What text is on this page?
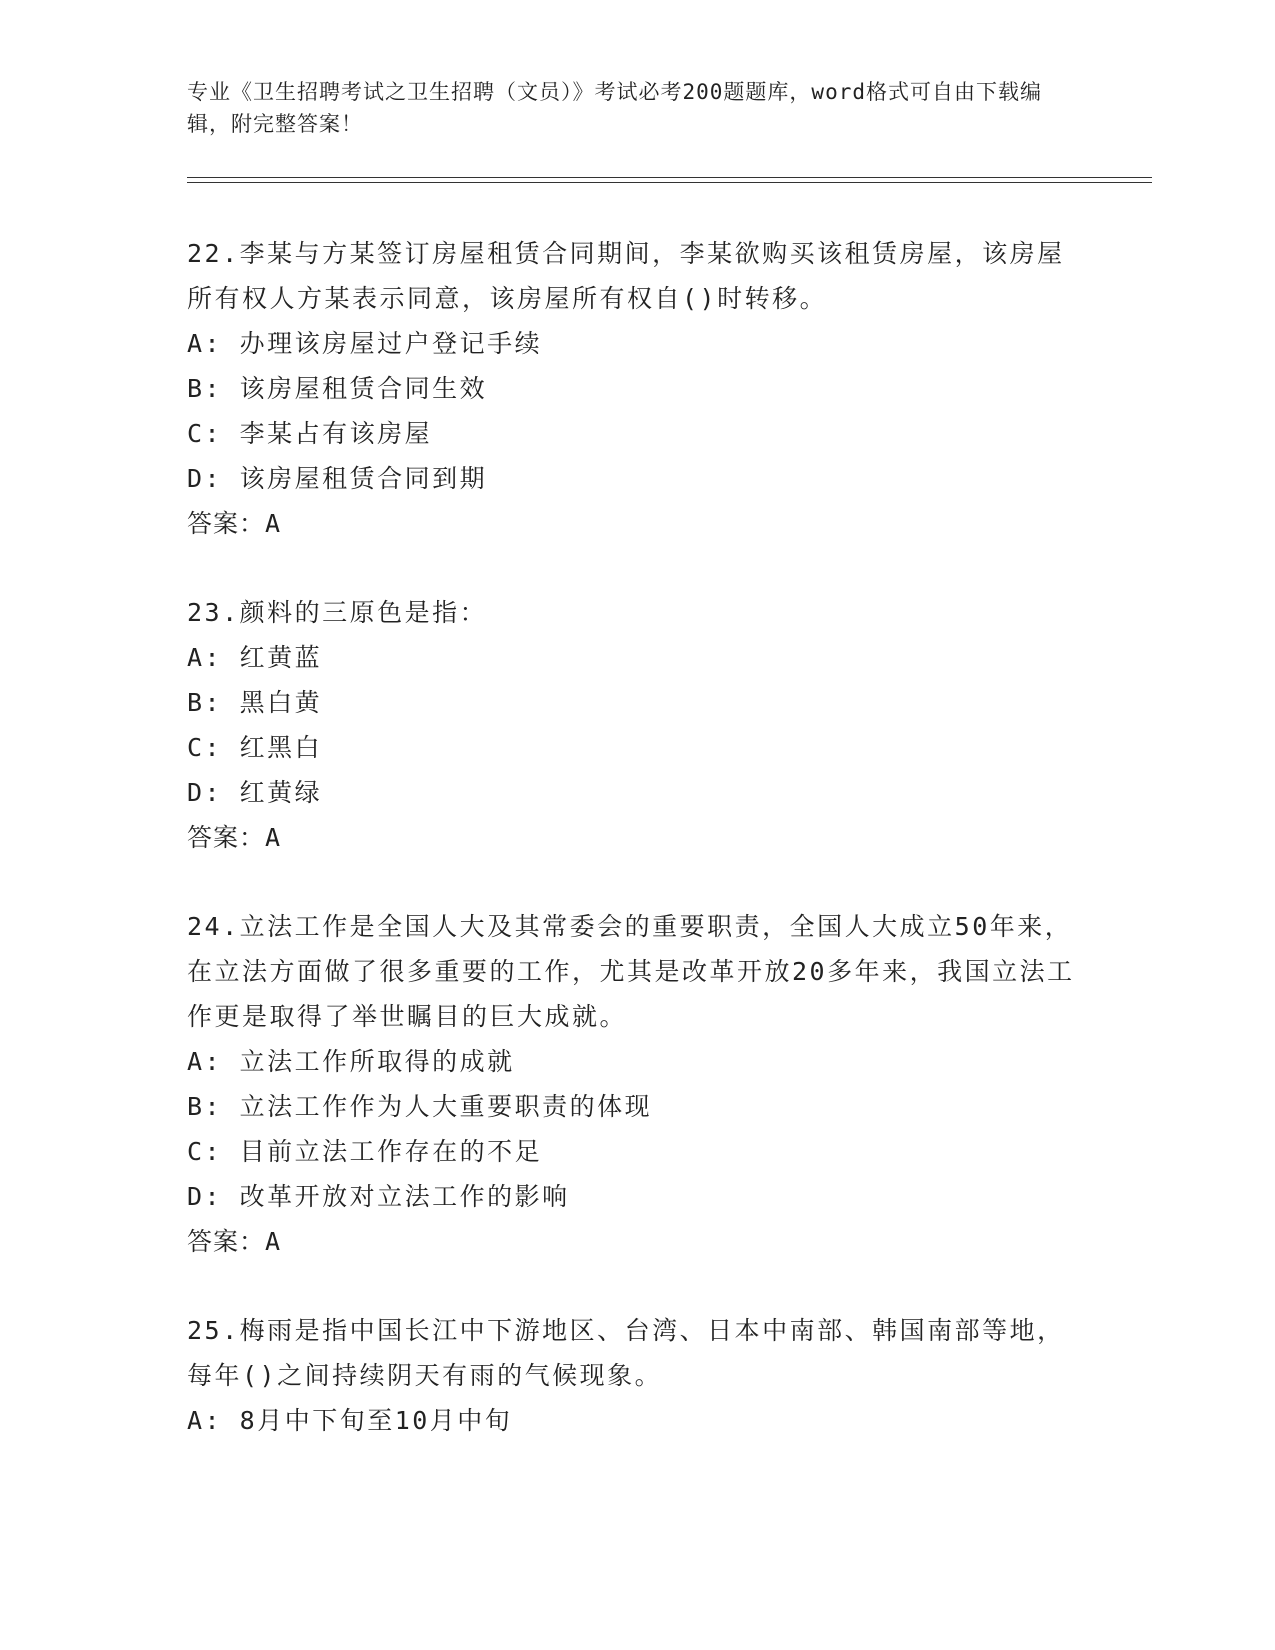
专业《卫生招聘考试之卫生招聘（文员）》考试必考200题题库，word格式可自由下载编辑，附完整答案！
22.李某与方某签订房屋租赁合同期间，李某欲购买该租赁房屋，该房屋所有权人方某表示同意，该房屋所有权自()时转移。
A: 办理该房屋过户登记手续
B: 该房屋租赁合同生效
C: 李某占有该房屋
D: 该房屋租赁合同到期
答案：A
23.颜料的三原色是指：
A: 红黄蓝
B: 黑白黄
C: 红黑白
D: 红黄绿
答案：A
24.立法工作是全国人大及其常委会的重要职责，全国人大成立50年来，在立法方面做了很多重要的工作，尤其是改革开放20多年来，我国立法工作更是取得了举世瞩目的巨大成就。
A: 立法工作所取得的成就
B: 立法工作作为人大重要职责的体现
C: 目前立法工作存在的不足
D: 改革开放对立法工作的影响
答案：A
25.梅雨是指中国长江中下游地区、台湾、日本中南部、韩国南部等地，每年()之间持续阴天有雨的气候现象。
A: 8月中下旬至10月中旬
